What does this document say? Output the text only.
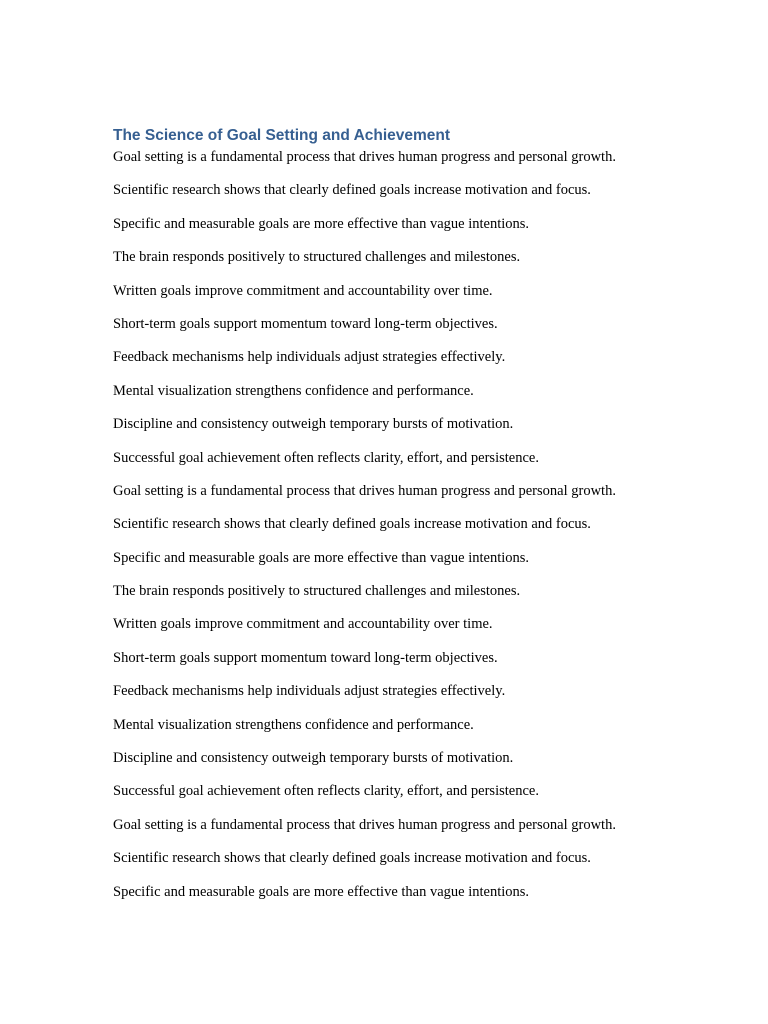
The Science of Goal Setting and Achievement

Goal setting is a fundamental process that drives human progress and personal growth.

Scientific research shows that clearly defined goals increase motivation and focus.

Specific and measurable goals are more effective than vague intentions.

The brain responds positively to structured challenges and milestones.

Written goals improve commitment and accountability over time.

Short-term goals support momentum toward long-term objectives.

Feedback mechanisms help individuals adjust strategies effectively.

Mental visualization strengthens confidence and performance.

Discipline and consistency outweigh temporary bursts of motivation.

Successful goal achievement often reflects clarity, effort, and persistence.

Goal setting is a fundamental process that drives human progress and personal growth.

Scientific research shows that clearly defined goals increase motivation and focus.

Specific and measurable goals are more effective than vague intentions.

The brain responds positively to structured challenges and milestones.

Written goals improve commitment and accountability over time.

Short-term goals support momentum toward long-term objectives.

Feedback mechanisms help individuals adjust strategies effectively.

Mental visualization strengthens confidence and performance.

Discipline and consistency outweigh temporary bursts of motivation.

Successful goal achievement often reflects clarity, effort, and persistence.

Goal setting is a fundamental process that drives human progress and personal growth.

Scientific research shows that clearly defined goals increase motivation and focus.

Specific and measurable goals are more effective than vague intentions.
